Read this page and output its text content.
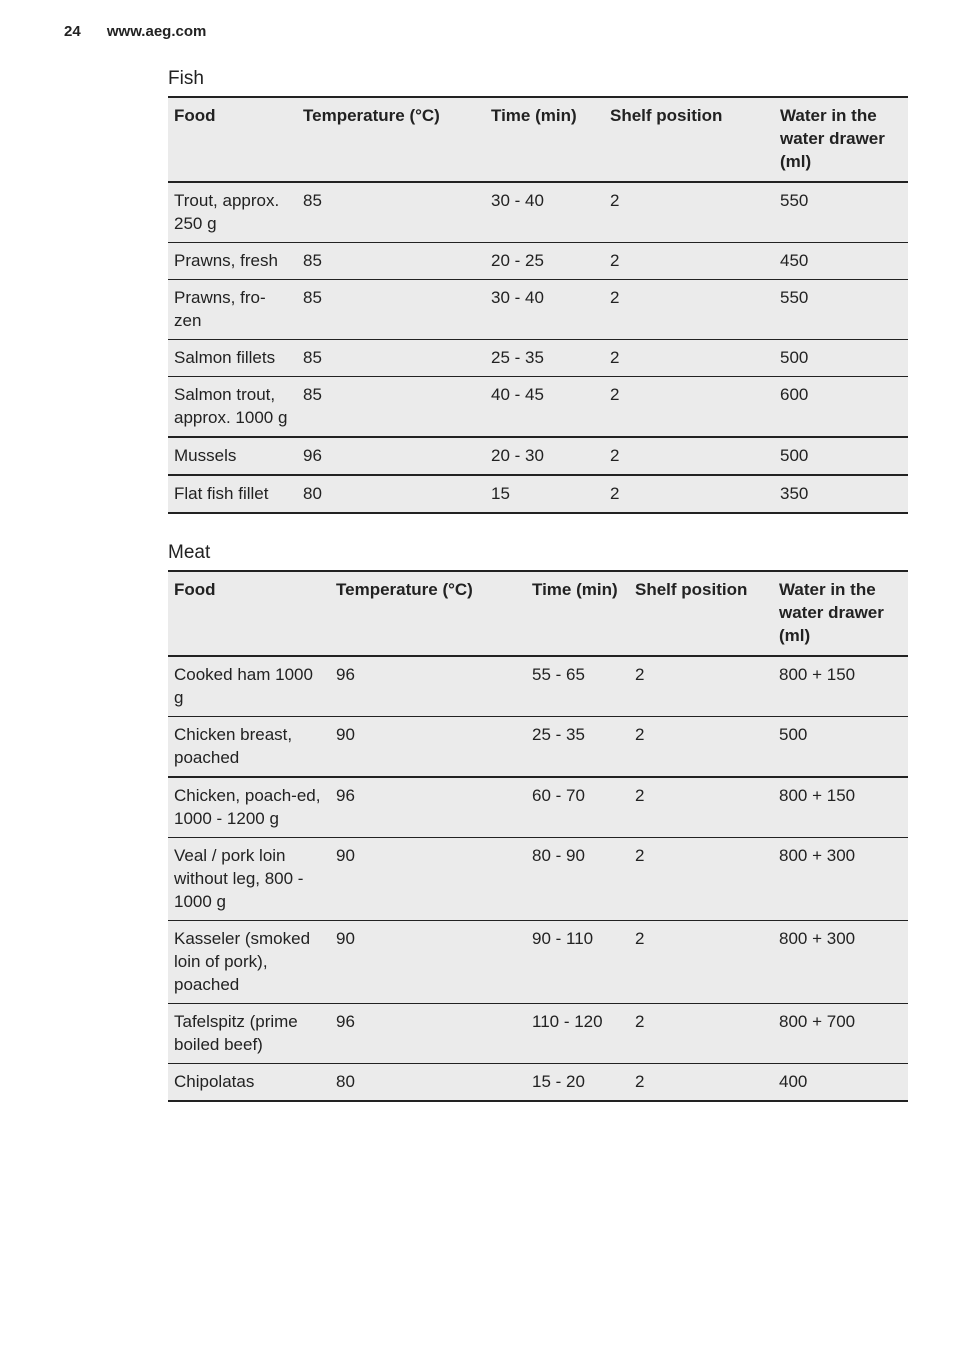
24 www.aeg.com
Fish
Food	Temperature (°C)	Time (min)	Shelf position	Water in the water drawer (ml)
Trout, approx. 250 g	85	30 - 40	2	550
Prawns, fresh	85	20 - 25	2	450
Prawns, fro-zen	85	30 - 40	2	550
Salmon fillets	85	25 - 35	2	500
Salmon trout, approx. 1000 g	85	40 - 45	2	600
Mussels	96	20 - 30	2	500
Flat fish fillet	80	15	2	350
Meat
Food	Temperature (°C)	Time (min)	Shelf position	Water in the water drawer (ml)
Cooked ham 1000 g	96	55 - 65	2	800 + 150
Chicken breast, poached	90	25 - 35	2	500
Chicken, poach-ed, 1000 - 1200 g	96	60 - 70	2	800 + 150
Veal / pork loin without leg, 800 - 1000 g	90	80 - 90	2	800 + 300
Kasseler (smoked loin of pork), poached	90	90 - 110	2	800 + 300
Tafelspitz (prime boiled beef)	96	110 - 120	2	800 + 700
Chipolatas	80	15 - 20	2	400
